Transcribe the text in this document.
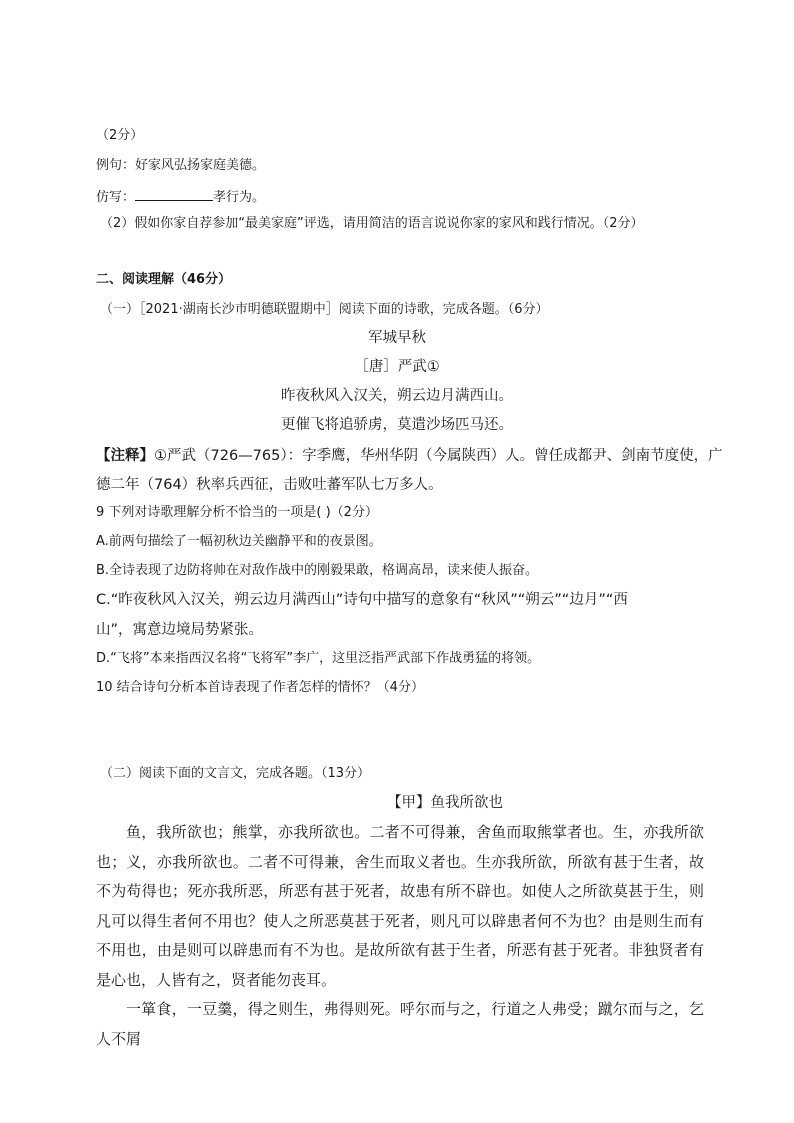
（2分）
例句：好家风弘扬家庭美德。
仿写：	孝行为。
（2）假如你家自荐参加“最美家庭”评选，请用简洁的语言说说你家的家风和践行情况。（2分）
二、阅读理解（46分）
（一）［2021·湖南长沙市明德联盟期中］阅读下面的诗歌，完成各题。（6分）
军城早秋
［唐］严武①
昨夜秋风入汉关，朔云边月满西山。
更催飞将追骄虏，莫遣沙场匹马还。
【注释】①严武（726—765）：字季鹰，华州华阴（今属陕西）人。曾任成都尹、剑南节度使，广
德二年（764）秋率兵西征，击败吐蕃军队七万多人。
9 下列对诗歌理解分析不恰当的一项是( )（2分）
A.前两句描绘了一幅初秋边关幽静平和的夜景图。
B.全诗表现了边防将帅在对敌作战中的刚毅果敢，格调高昂，读来使人振奋。
C.“昨夜秋风入汉关，朔云边月满西山”诗句中描写的意象有“秋风”“朔云”“边月”“西
山”，寓意边境局势紧张。
D.“飞将”本来指西汉名将“飞将军”李广，这里泛指严武部下作战勇猛的将领。
10 结合诗句分析本首诗表现了作者怎样的情怀？（4分）
（二）阅读下面的文言文，完成各题。（13分）
【甲】鱼我所欲也

鱼，我所欲也；熊掌，亦我所欲也。二者不可得兼，舍鱼而取熊掌者也。生，亦我所欲也；义，亦我所欲也。二者不可得兼，舍生而取义者也。生亦我所欲，所欲有甚于生者，故不为苟得也；死亦我所恶，所恶有甚于死者，故患有所不辟也。如使人之所欲莫甚于生，则凡可以得生者何不用也？使人之所恶莫甚于死者，则凡可以辟患者何不为也？由是则生而有不用也，由是则可以辟患而有不为也。是故所欲有甚于生者，所恶有甚于死者。非独贤者有是心也，人皆有之，贤者能勿丧耳。

一箪食，一豆羹，得之则生，弗得则死。呼尔而与之，行道之人弗受；蹴尔而与之，乞人不屑
